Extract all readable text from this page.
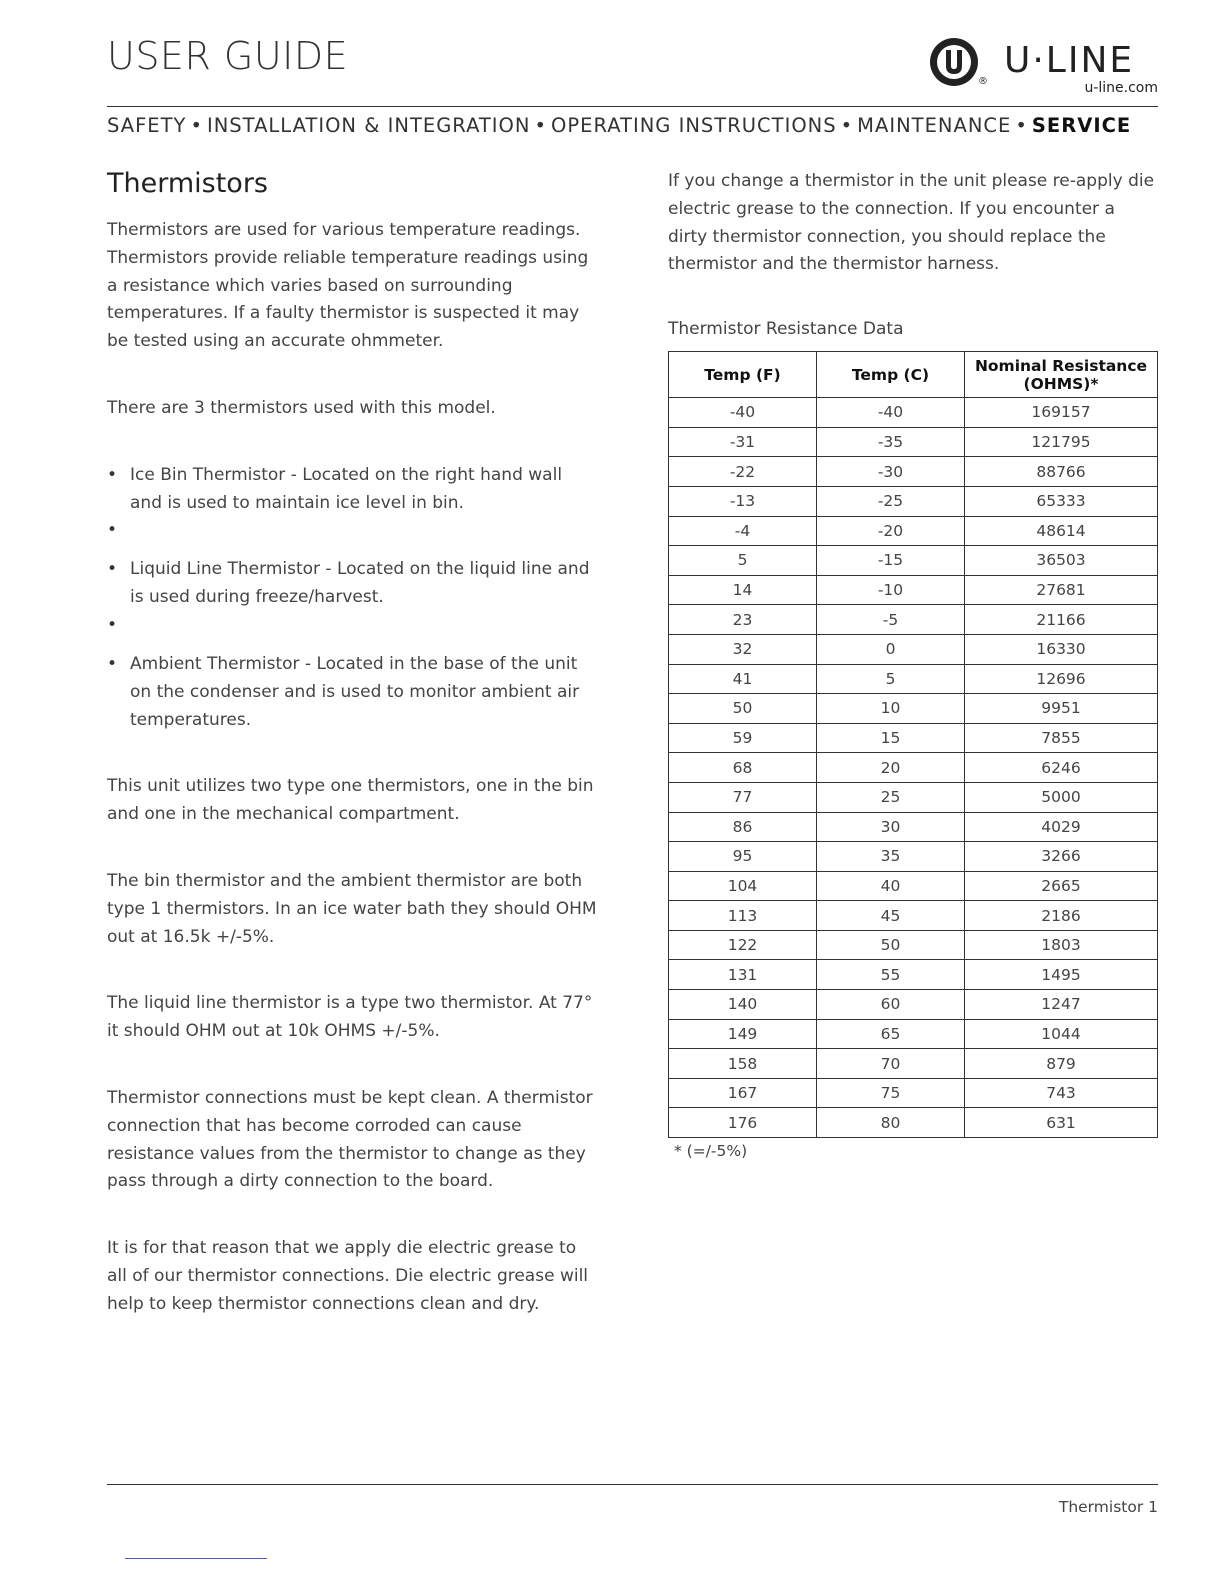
USER GUIDE
®
U·LINE
u-line.com
SAFETY • INSTALLATION & INTEGRATION • OPERATING INSTRUCTIONS • MAINTENANCE • SERVICE
Thermistors

Thermistors are used for various temperature readings. Thermistors provide reliable temperature readings using a resistance which varies based on surrounding temperatures. If a faulty thermistor is suspected it may be tested using an accurate ohmmeter.

There are 3 thermistors used with this model.

• Ice Bin Thermistor - Located on the right hand wall and is used to maintain ice level in bin.
•
• Liquid Line Thermistor - Located on the liquid line and is used during freeze/harvest.
•
• Ambient Thermistor - Located in the base of the unit on the condenser and is used to monitor ambient air temperatures.

This unit utilizes two type one thermistors, one in the bin and one in the mechanical compartment.

The bin thermistor and the ambient thermistor are both type 1 thermistors. In an ice water bath they should OHM out at 16.5k +/-5%.

The liquid line thermistor is a type two thermistor. At 77° it should OHM out at 10k OHMS +/-5%.

Thermistor connections must be kept clean. A thermistor connection that has become corroded can cause resistance values from the thermistor to change as they pass through a dirty connection to the board.

It is for that reason that we apply die electric grease to all of our thermistor connections. Die electric grease will help to keep thermistor connections clean and dry.

If you change a thermistor in the unit please re-apply die electric grease to the connection. If you encounter a dirty thermistor connection, you should replace the thermistor and the thermistor harness.

Thermistor Resistance Data
Temp (F)	Temp (C)	Nominal Resistance (OHMS)*
-40	-40	169157
-31	-35	121795
-22	-30	88766
-13	-25	65333
-4	-20	48614
5	-15	36503
14	-10	27681
23	-5	21166
32	0	16330
41	5	12696
50	10	9951
59	15	7855
68	20	6246
77	25	5000
86	30	4029
95	35	3266
104	40	2665
113	45	2186
122	50	1803
131	55	1495
140	60	1247
149	65	1044
158	70	879
167	75	743
176	80	631
* (=/-5%)
Thermistor 1
